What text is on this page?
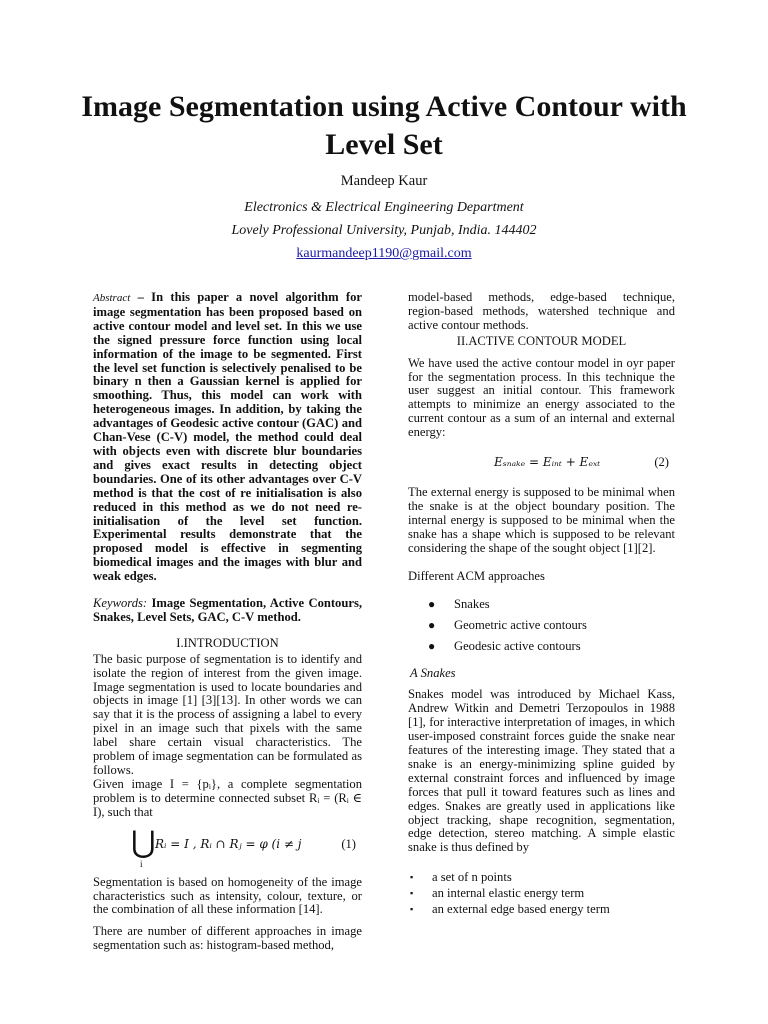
Image Segmentation using Active Contour with Level Set
Mandeep Kaur
Electronics & Electrical Engineering Department
Lovely Professional University, Punjab, India. 144402
kaurmandeep1190@gmail.com

Abstract – In this paper a novel algorithm for image segmentation has been proposed based on active contour model and level set. In this we use the signed pressure force function using local information of the image to be segmented. First the level set function is selectively penalised to be binary n then a Gaussian kernel is applied for smoothing. Thus, this model can work with heterogeneous images. In addition, by taking the advantages of Geodesic active contour (GAC) and Chan-Vese (C-V) model, the method could deal with objects even with discrete blur boundaries and gives exact results in detecting object boundaries. One of its other advantages over C-V method is that the cost of re initialisation is also reduced in this method as we do not need re-initialisation of the level set function. Experimental results demonstrate that the proposed model is effective in segmenting biomedical images and the images with blur and weak edges.

Keywords: Image Segmentation, Active Contours, Snakes, Level Sets, GAC, C-V method.

I.INTRODUCTION

The basic purpose of segmentation is to identify and isolate the region of interest from the given image. Image segmentation is used to locate boundaries and objects in image [1] [3][13]. In other words we can say that it is the process of assigning a label to every pixel in an image such that pixels with the same label share certain visual characteristics. The problem of image segmentation can be formulated as follows.

Given image I = {pᵢ}, a complete segmentation problem is to determine connected subset Rᵢ = (Rᵢ ∈ I), such that

⋃
i
Rᵢ = I , Rᵢ ∩ Rⱼ = φ (i ≠ j	(1)

Segmentation is based on homogeneity of the image characteristics such as intensity, colour, texture, or the combination of all these information [14].

There are number of different approaches in image segmentation such as: histogram-based method,

model-based methods, edge-based technique, region-based methods, watershed technique and active contour methods.

II.ACTIVE CONTOUR MODEL

We have used the active contour model in oyr paper for the segmentation process. In this technique the user suggest an initial contour. This framework attempts to minimize an energy associated to the current contour as a sum of an internal and external energy:

Eₛₙₐₖₑ = Eᵢₙₜ + Eₑₓₜ	(2)

The external energy is supposed to be minimal when the snake is at the object boundary position. The internal energy is supposed to be minimal when the snake has a shape which is supposed to be relevant considering the shape of the sought object [1][2].

Different ACM approaches

● Snakes
● Geometric active contours
● Geodesic active contours
A Snakes

Snakes model was introduced by Michael Kass, Andrew Witkin and Demetri Terzopoulos in 1988 [1], for interactive interpretation of images, in which user-imposed constraint forces guide the snake near features of the interesting image. They stated that a snake is an energy-minimizing spline guided by external constraint forces and influenced by image forces that pull it toward features such as lines and edges. Snakes are greatly used in applications like object tracking, shape recognition, segmentation, edge detection, stereo matching. A simple elastic snake is thus defined by

▪ a set of n points
▪ an internal elastic energy term
▪ an external edge based energy term
